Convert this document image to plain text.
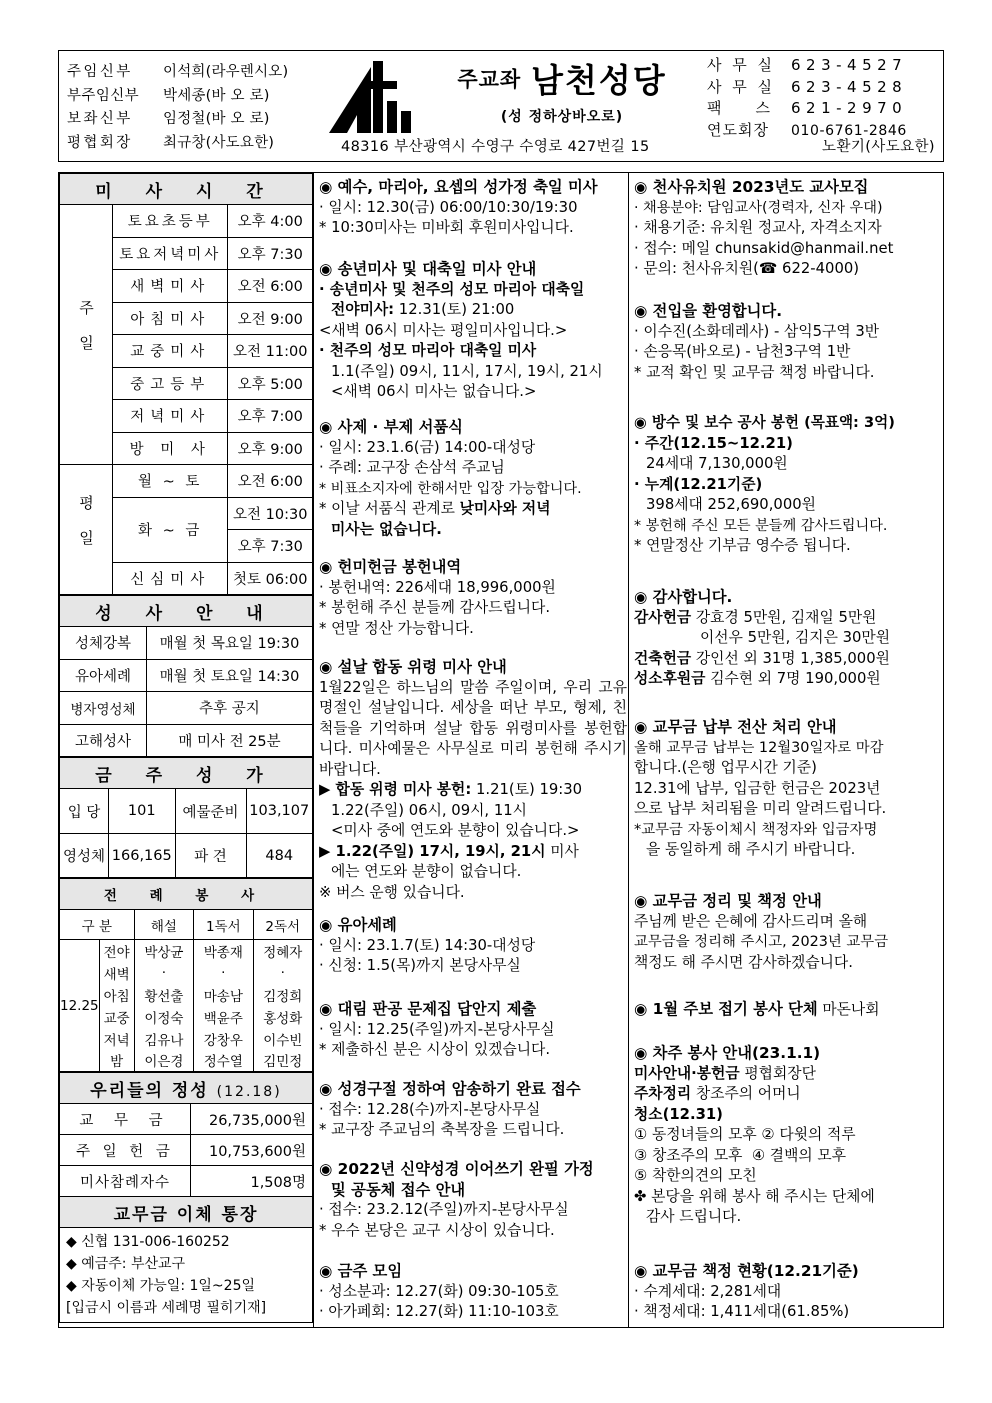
주임신부 이석희(라우렌시오)
부주임신부 박세종(바 오 로)
보좌신부 임정철(바 오 로)
평협회장 최규창(사도요한)
주교좌 남천성당
(성 정하상바오로)
48316 부산광역시 수영구 수영로 427번길 15	노환기(사도요한)
사 무 실 623-4527
사 무 실 623-4528
팩    스 621-2970
연도회장 010-6761-2846
미 사 시 간		
주일	토요초등부	오후 4:00
	토요저녁미사	오후 7:30
	새벽미사	오전 6:00
	아침미사	오전 9:00
	교중미사	오전 11:00
	중고등부	오후 5:00
	저녁미사	오후 7:00
	방 미 사	오후 9:00
평일	월 ~ 토	오전 6:00
	화 ~ 금	오전 10:30
		오후 7:30
	신심미사	첫토 06:00
성 사 안 내	
성체강복	매월 첫 목요일 19:30
유아세례	매월 첫 토요일 14:30
병자영성체	추후 공지
고해성사	매 미사 전 25분
금 주 성 가			
입 당	101	예물준비	103,107
영성체	166,165	파 견	484
전 례 봉 사				
구 분		해설	1독서	2독서
12.25	전야	박상균	박종재	정혜자
	새벽	·	·	·
	아침	황선출	마송남	김정희
	교중	이정숙	백윤주	홍성화
	저녁	김유나	강창우	이수빈
	밤	이은경	정수열	김민정
우리들의 정성 (12.18)	
교 무 금	26,735,000원
주 일 헌 금	10,753,600원
미사참례자수	1,508명
교무금 이체 통장	
◆ 신협 131-006-160252
◆ 예금주: 부산교구
◆ 자동이체 가능일: 1일~25일
[입금시 이름과 세례명 필히기재]
◉ 예수, 마리아, 요셉의 성가정 축일 미사
· 일시: 12.30(금) 06:00/10:30/19:30
* 10:30미사는 미바회 후원미사입니다.
◉ 송년미사 및 대축일 미사 안내
· 송년미사 및 천주의 성모 마리아 대축일
전야미사: 12.31(토) 21:00
<새벽 06시 미사는 평일미사입니다.>
· 천주의 성모 마리아 대축일 미사
1.1(주일) 09시, 11시, 17시, 19시, 21시
<새벽 06시 미사는 없습니다.>
◉ 사제 · 부제 서품식
· 일시: 23.1.6(금) 14:00-대성당
· 주례: 교구장 손삼석 주교님
* 비표소지자에 한해서만 입장 가능합니다.
* 이날 서품식 관계로 낮미사와 저녁
미사는 없습니다.
◉ 헌미헌금 봉헌내역
· 봉헌내역: 226세대 18,996,000원
* 봉헌해 주신 분들께 감사드립니다.
* 연말 정산 가능합니다.
◉ 설날 합동 위령 미사 안내
1월22일은 하느님의 말씀 주일이며, 우리 고유 명절인 설날입니다. 세상을 떠난 부모, 형제, 친척들을 기억하며 설날 합동 위령미사를 봉헌합니다. 미사예물은 사무실로 미리 봉헌해 주시기 바랍니다.
▶ 합동 위령 미사 봉헌: 1.21(토) 19:30
1.22(주일) 06시, 09시, 11시
<미사 중에 연도와 분향이 있습니다.>
▶ 1.22(주일) 17시, 19시, 21시 미사
에는 연도와 분향이 없습니다.
※ 버스 운행 있습니다.
◉ 유아세례
· 일시: 23.1.7(토) 14:30-대성당
· 신청: 1.5(목)까지 본당사무실
◉ 대림 판공 문제집 답안지 제출
· 일시: 12.25(주일)까지-본당사무실
* 제출하신 분은 시상이 있겠습니다.
◉ 성경구절 정하여 암송하기 완료 접수
· 접수: 12.28(수)까지-본당사무실
* 교구장 주교님의 축복장을 드립니다.
◉ 2022년 신약성경 이어쓰기 완필 가정
및 공동체 접수 안내
· 접수: 23.2.12(주일)까지-본당사무실
* 우수 본당은 교구 시상이 있습니다.
◉ 금주 모임
· 성소분과: 12.27(화) 09:30-105호
· 아가페회: 12.27(화) 11:10-103호
◉ 천사유치원 2023년도 교사모집
· 채용분야: 담임교사(경력자, 신자 우대)
· 채용기준: 유치원 정교사, 자격소지자
· 접수: 메일 chunsakid@hanmail.net
· 문의: 천사유치원(☎ 622-4000)
◉ 전입을 환영합니다.
· 이수진(소화데레사) - 삼익5구역 3반
· 손응목(바오로) - 남천3구역 1반
* 교적 확인 및 교무금 책정 바랍니다.
◉ 방수 및 보수 공사 봉헌 (목표액: 3억)
· 주간(12.15~12.21)
24세대 7,130,000원
· 누계(12.21기준)
398세대 252,690,000원
* 봉헌해 주신 모든 분들께 감사드립니다.
* 연말정산 기부금 영수증 됩니다.
◉ 감사합니다.
감사헌금 강효경 5만원, 김재일 5만원
이선우 5만원, 김지은 30만원
건축헌금 강인선 외 31명 1,385,000원
성소후원금 김수현 외 7명 190,000원
◉ 교무금 납부 전산 처리 안내
올해 교무금 납부는 12월30일자로 마감
합니다.(은행 업무시간 기준)
12.31에 납부, 입금한 헌금은 2023년
으로 납부 처리됨을 미리 알려드립니다.
*교무금 자동이체시 책정자와 입금자명
을 동일하게 해 주시기 바랍니다.
◉ 교무금 정리 및 책정 안내
주님께 받은 은혜에 감사드리며 올해
교무금을 정리해 주시고, 2023년 교무금
책정도 해 주시면 감사하겠습니다.
◉ 1월 주보 접기 봉사 단체 마돈나회
◉ 차주 봉사 안내(23.1.1)
미사안내·봉헌금 평협회장단
주차정리 창조주의 어머니
청소(12.31)
① 동정녀들의 모후 ② 다윗의 적루
③ 창조주의 모후  ④ 결백의 모후
⑤ 착한의견의 모친
✤ 본당을 위해 봉사 해 주시는 단체에
감사 드립니다.
◉ 교무금 책정 현황(12.21기준)
· 수계세대: 2,281세대
· 책정세대: 1,411세대(61.85%)
